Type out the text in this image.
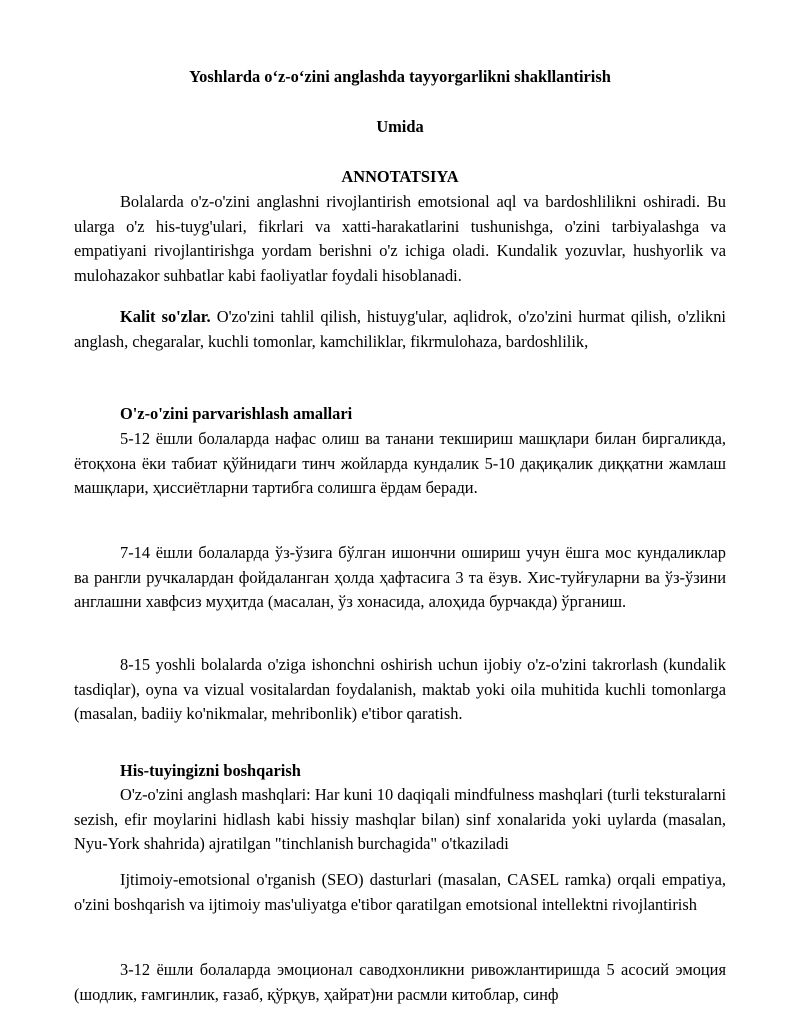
Yoshlarda o‘z-o‘zini anglashda tayyorgarlikni shakllantirish

Umida

ANNOTATSIYA

Bolalarda o'z-o'zini anglashni rivojlantirish emotsional aql va bardoshlilikni oshiradi. Bu ularga o'z his-tuyg'ulari, fikrlari va xatti-harakatlarini tushunishga, o'zini tarbiyalashga va empatiyani rivojlantirishga yordam berishni o'z ichiga oladi. Kundalik yozuvlar, hushyorlik va mulohazakor suhbatlar kabi faoliyatlar foydali hisoblanadi.

Kalit so'zlar. O'zo'zini tahlil qilish, histuyg'ular, aqlidrok, o'zo'zini hurmat qilish, o'zlikni anglash, chegaralar, kuchli tomonlar, kamchiliklar, fikrmulohaza, bardoshlilik,

O'z-o'zini parvarishlash amallari

5-12 ёшли болаларда нафас олиш ва танани текшириш машқлари билан биргаликда, ётоқхона ёки табиат қўйнидаги тинч жойларда кундалик 5-10 дақиқалик диққатни жамлаш машқлари, ҳиссиётларни тартибга солишга ёрдам беради.

7-14 ёшли болаларда ўз-ўзига бўлган ишончни ошириш учун ёшга мос кундаликлар ва рангли ручкалардан фойдаланган ҳолда ҳафтасига 3 та ёзув. Хис-туйғуларни ва ўз-ўзини англашни хавфсиз муҳитда (масалан, ўз хонасида, алоҳида бурчакда) ўрганиш.

8-15 yoshli bolalarda o'ziga ishonchni oshirish uchun ijobiy o'z-o'zini takrorlash (kundalik tasdiqlar), oyna va vizual vositalardan foydalanish, maktab yoki oila muhitida kuchli tomonlarga (masalan, badiiy ko'nikmalar, mehribonlik) e'tibor qaratish.

His-tuyingizni boshqarish

O'z-o'zini anglash mashqlari: Har kuni 10 daqiqali mindfulness mashqlari (turli teksturalarni sezish, efir moylarini hidlash kabi hissiy mashqlar bilan) sinf xonalarida yoki uylarda (masalan, Nyu-York shahrida) ajratilgan "tinchlanish burchagida" o'tkaziladi

Ijtimoiy-emotsional o'rganish (SEO) dasturlari (masalan, CASEL ramka) orqali empatiya, o'zini boshqarish va ijtimoiy mas'uliyatga e'tibor qaratilgan emotsional intellektni rivojlantirish

3-12 ёшли болаларда эмоционал саводхонликни ривожлантиришда 5 асосий эмоция (шодлик, ғамгинлик, ғазаб, қўрқув, ҳайрат)ни расмли китоблар, синф
